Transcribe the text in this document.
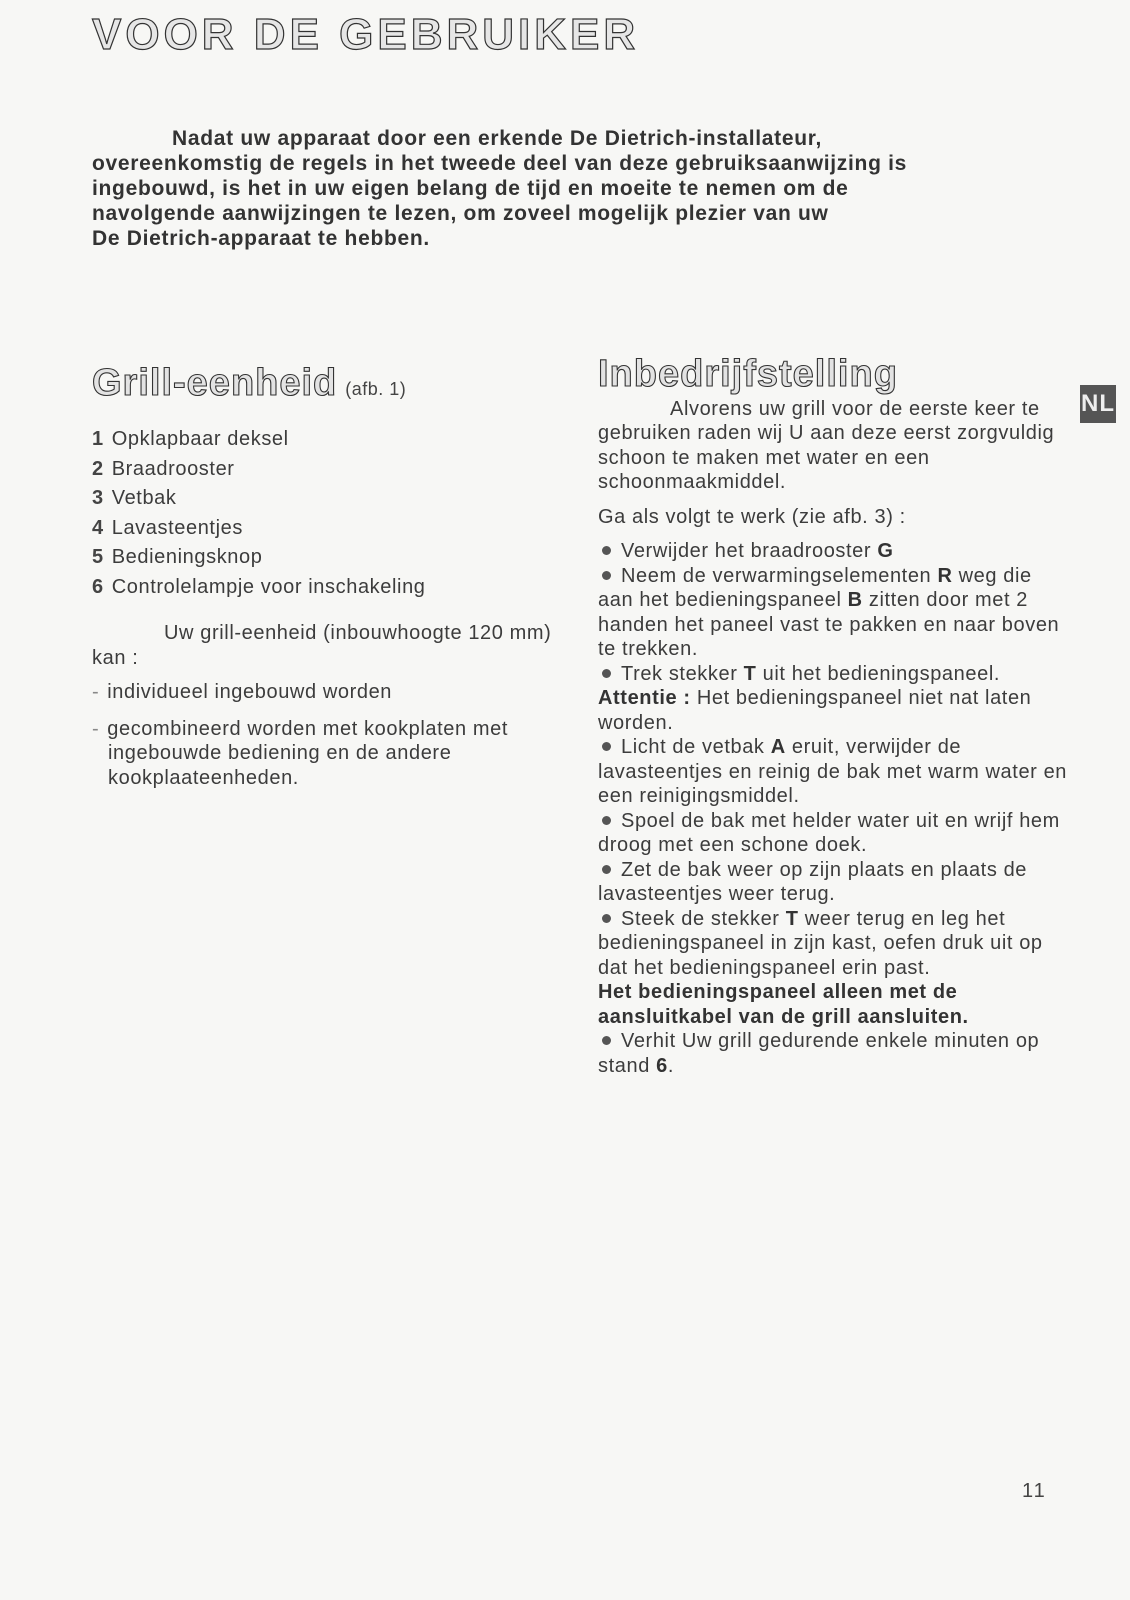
VOOR DE GEBRUIKER
Nadat uw apparaat door een erkende De Dietrich-installateur,
overeenkomstig de regels in het tweede deel van deze gebruiksaanwijzing is
ingebouwd, is het in uw eigen belang de tijd en moeite te nemen om de
navolgende aanwijzingen te lezen, om zoveel mogelijk plezier van uw
De Dietrich-apparaat te hebben.
Grill-eenheid (afb. 1)
1 Opklapbaar deksel
2 Braadrooster
3 Vetbak
4 Lavasteentjes
5 Bedieningsknop
6 Controlelampje voor inschakeling

Uw grill-eenheid (inbouwhoogte 120 mm) kan :

- individueel ingebouwd worden

- gecombineerd worden met kookplaten met ingebouwde bediening en de andere kookplaateenheden.

Inbedrijfstelling

Alvorens uw grill voor de eerste keer te gebruiken raden wij U aan deze eerst zorgvuldig schoon te maken met water en een schoonmaakmiddel.

Ga als volgt te werk (zie afb. 3) :

Verwijder het braadrooster G
Neem de verwarmingselementen R weg die aan het bedieningspaneel B zitten door met 2 handen het paneel vast te pakken en naar boven te trekken.
Trek stekker T uit het bedieningspaneel.
Attentie : Het bedieningspaneel niet nat laten worden.
Licht de vetbak A eruit, verwijder de lavasteentjes en reinig de bak met warm water en een reinigingsmiddel.
Spoel de bak met helder water uit en wrijf hem droog met een schone doek.
Zet de bak weer op zijn plaats en plaats de lavasteentjes weer terug.
Steek de stekker T weer terug en leg het bedieningspaneel in zijn kast, oefen druk uit op dat het bedieningspaneel erin past.
Het bedieningspaneel alleen met de aansluitkabel van de grill aansluiten.
Verhit Uw grill gedurende enkele minuten op stand 6.
NL
11
